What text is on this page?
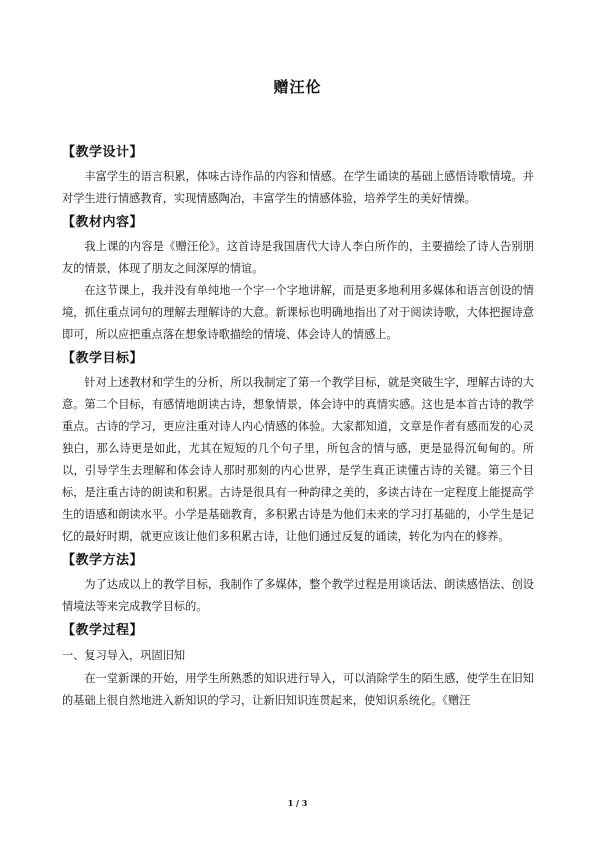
赠汪伦

【教学设计】

丰富学生的语言积累，体味古诗作品的内容和情感。在学生诵读的基础上感悟诗歌情境。并对学生进行情感教育，实现情感陶冶，丰富学生的情感体验，培养学生的美好情操。

【教材内容】

我上课的内容是《赠汪伦》。这首诗是我国唐代大诗人李白所作的，主要描绘了诗人告别朋友的情景，体现了朋友之间深厚的情谊。

在这节课上，我并没有单纯地一个字一个字地讲解，而是更多地利用多媒体和语言创设的情境，抓住重点词句的理解去理解诗的大意。新课标也明确地指出了对于阅读诗歌，大体把握诗意即可，所以应把重点落在想象诗歌描绘的情境、体会诗人的情感上。

【教学目标】

针对上述教材和学生的分析，所以我制定了第一个教学目标，就是突破生字，理解古诗的大意。第二个目标，有感情地朗读古诗，想象情景，体会诗中的真情实感。这也是本首古诗的教学重点。古诗的学习，更应注重对诗人内心情感的体验。大家都知道，文章是作者有感而发的心灵独白，那么诗更是如此，尤其在短短的几个句子里，所包含的情与感，更是显得沉甸甸的。所以，引导学生去理解和体会诗人那时那刻的内心世界，是学生真正读懂古诗的关键。第三个目标，是注重古诗的朗读和积累。古诗是很具有一种韵律之美的，多读古诗在一定程度上能提高学生的语感和朗读水平。小学是基础教育，多积累古诗是为他们未来的学习打基础的，小学生是记忆的最好时期，就更应该让他们多积累古诗，让他们通过反复的诵读，转化为内在的修养。

【教学方法】

为了达成以上的教学目标，我制作了多媒体，整个教学过程是用谈话法、朗读感悟法、创设情境法等来完成教学目标的。

【教学过程】

一、复习导入，巩固旧知

在一堂新课的开始，用学生所熟悉的知识进行导入，可以消除学生的陌生感，使学生在旧知的基础上很自然地进入新知识的学习，让新旧知识连贯起来，使知识系统化。《赠汪

1 / 3
